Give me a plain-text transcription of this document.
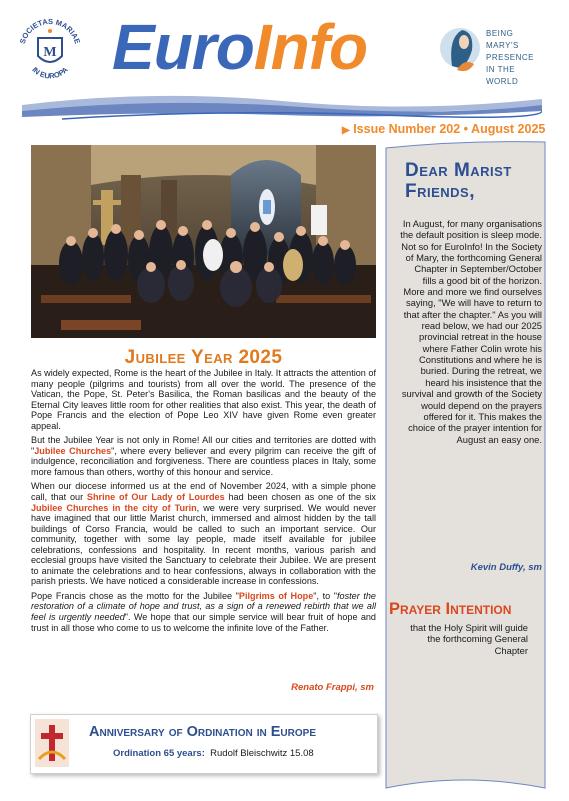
SOCIETAS MARIAE
IN EUROPA
M EuroInfo	BEING
MARY'S
PRESENCE
IN THE
WORLD
▶ Issue Number 202 • August 2025
Jubilee Year 2025

As widely expected, Rome is the heart of the Jubilee in Italy. It attracts the attention of many people (pilgrims and tourists) from all over the world. The presence of the Vatican, the Pope, St. Peter's Basilica, the Roman basilicas and the beauty of the Eternal City leaves little room for other realities that also exist. This year, the death of Pope Francis and the election of Pope Leo XIV have given Rome even greater appeal.

But the Jubilee Year is not only in Rome! All our cities and territories are dotted with "Jubilee Churches", where every believer and every pilgrim can receive the gift of indulgence, reconciliation and forgiveness. There are countless places in Italy, some more famous than others, worthy of this honour and service.

When our diocese informed us at the end of November 2024, with a simple phone call, that our Shrine of Our Lady of Lourdes had been chosen as one of the six Jubilee Churches in the city of Turin, we were very surprised. We would never have imagined that our little Marist church, immersed and almost hidden by the tall buildings of Corso Francia, would be called to such an important service. Our community, together with some lay people, made itself available for jubilee celebrations, confessions and hospitality. In recent months, various parish and ecclesial groups have visited the Sanctuary to celebrate their Jubilee. We are present to animate the celebrations and to hear confessions, always in collaboration with the parish priests. We have noticed a considerable increase in confessions.

Pope Francis chose as the motto for the Jubilee "Pilgrims of Hope", to "foster the restoration of a climate of hope and trust, as a sign of a renewed rebirth that we all feel is urgently needed". We hope that our simple service will bear fruit of hope and trust in all those who come to us to welcome the infinite love of the Father.

Renato Frappi, sm
Anniversary of Ordination in Europe
Ordination 65 years: Rudolf Bleischwitz 15.08
Dear Marist Friends,
In August, for many organisations the default position is sleep mode. Not so for EuroInfo! In the Society of Mary, the forthcoming General Chapter in September/October fills a good bit of the horizon. More and more we find ourselves saying, "We will have to return to that after the chapter." As you will read below, we had our 2025 provincial retreat in the house where Father Colin wrote his Constitutions and where he is buried. During the retreat, we heard his insistence that the survival and growth of the Society would depend on the prayers offered for it. This makes the choice of the prayer intention for August an easy one.
Kevin Duffy, sm
Prayer Intention
that the Holy Spirit will guide the forthcoming General Chapter
